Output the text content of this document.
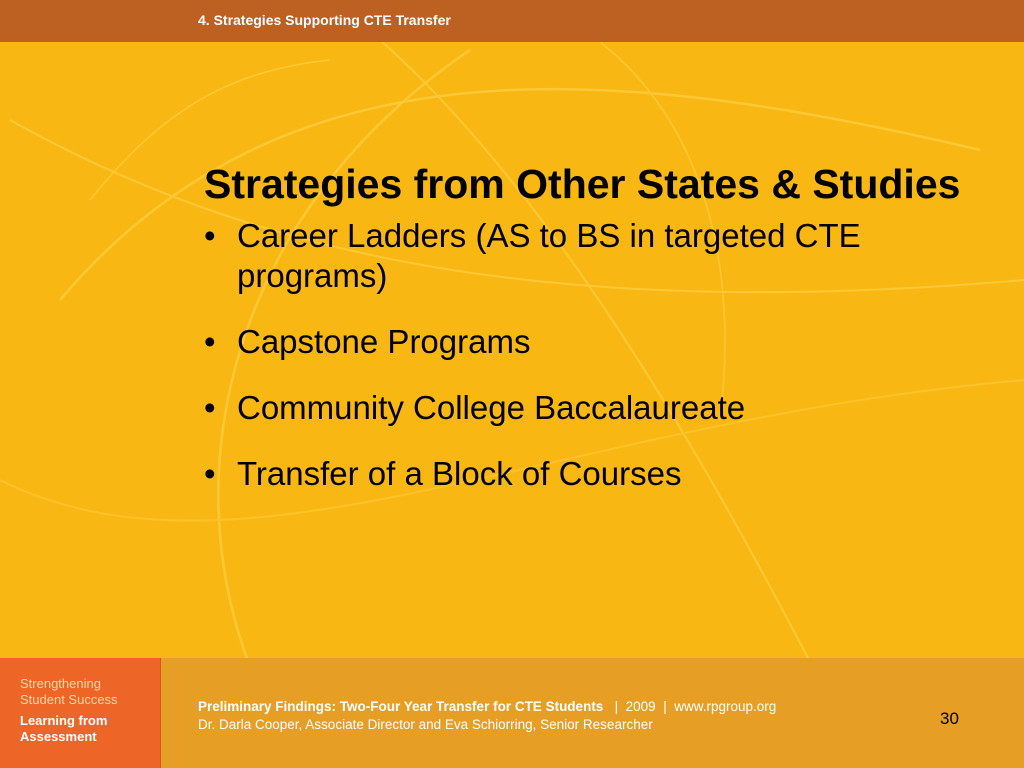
4. Strategies Supporting CTE Transfer
Strategies from Other States & Studies
• Career Ladders (AS to BS in targeted CTE programs)
• Capstone Programs
• Community College Baccalaureate
• Transfer of a Block of Courses
Strengthening
Student Success
Learning from
Assessment
Preliminary Findings: Two-Four Year Transfer for CTE Students | 2009 | www.rpgroup.org
Dr. Darla Cooper, Associate Director and Eva Schiorring, Senior Researcher	30
